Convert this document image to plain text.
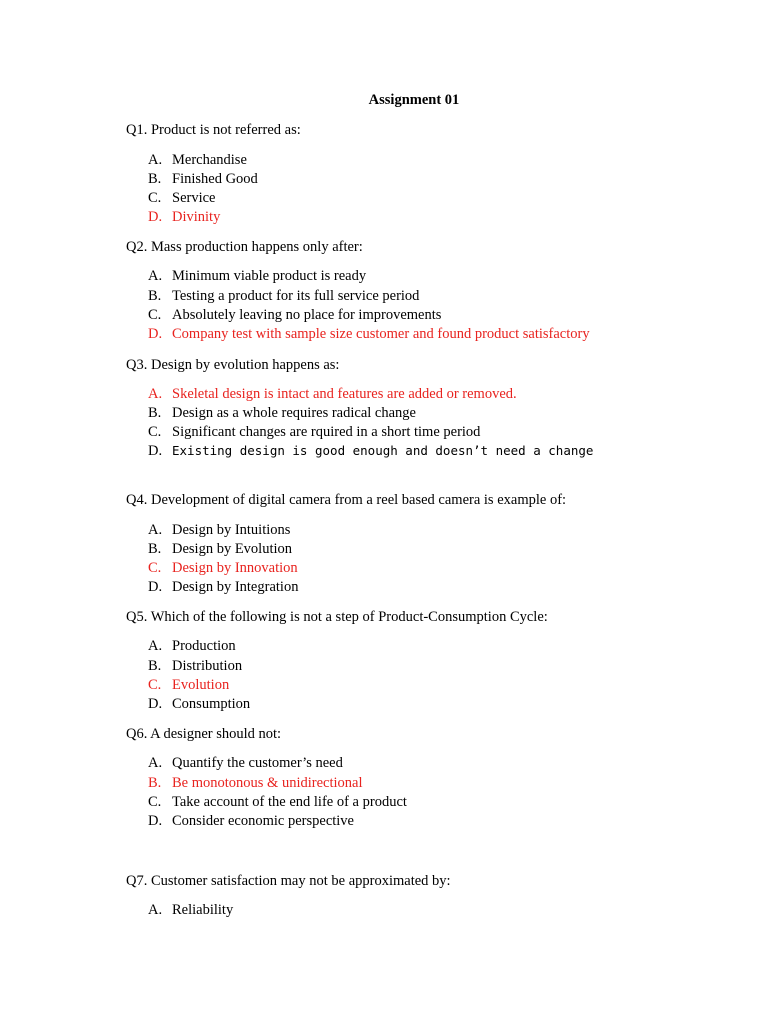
Assignment 01
Q1. Product is not referred as:
A. Merchandise
B. Finished Good
C. Service
D. Divinity
Q2. Mass production happens only after:
A. Minimum viable product is ready
B. Testing a product for its full service period
C. Absolutely leaving no place for improvements
D. Company test with sample size customer and found product satisfactory
Q3. Design by evolution happens as:
A. Skeletal design is intact and features are added or removed.
B. Design as a whole requires radical change
C. Significant changes are rquired in a short time period
D. Existing design is good enough and doesn’t need a change
Q4. Development of digital camera from a reel based camera is example of:
A. Design by Intuitions
B. Design by Evolution
C. Design by Innovation
D. Design by Integration
Q5. Which of the following is not a step of Product-Consumption Cycle:
A. Production
B. Distribution
C. Evolution
D. Consumption
Q6. A designer should not:
A. Quantify the customer’s need
B. Be monotonous & unidirectional
C. Take account of the end life of a product
D. Consider economic perspective
Q7. Customer satisfaction may not be approximated by:
A. Reliability
